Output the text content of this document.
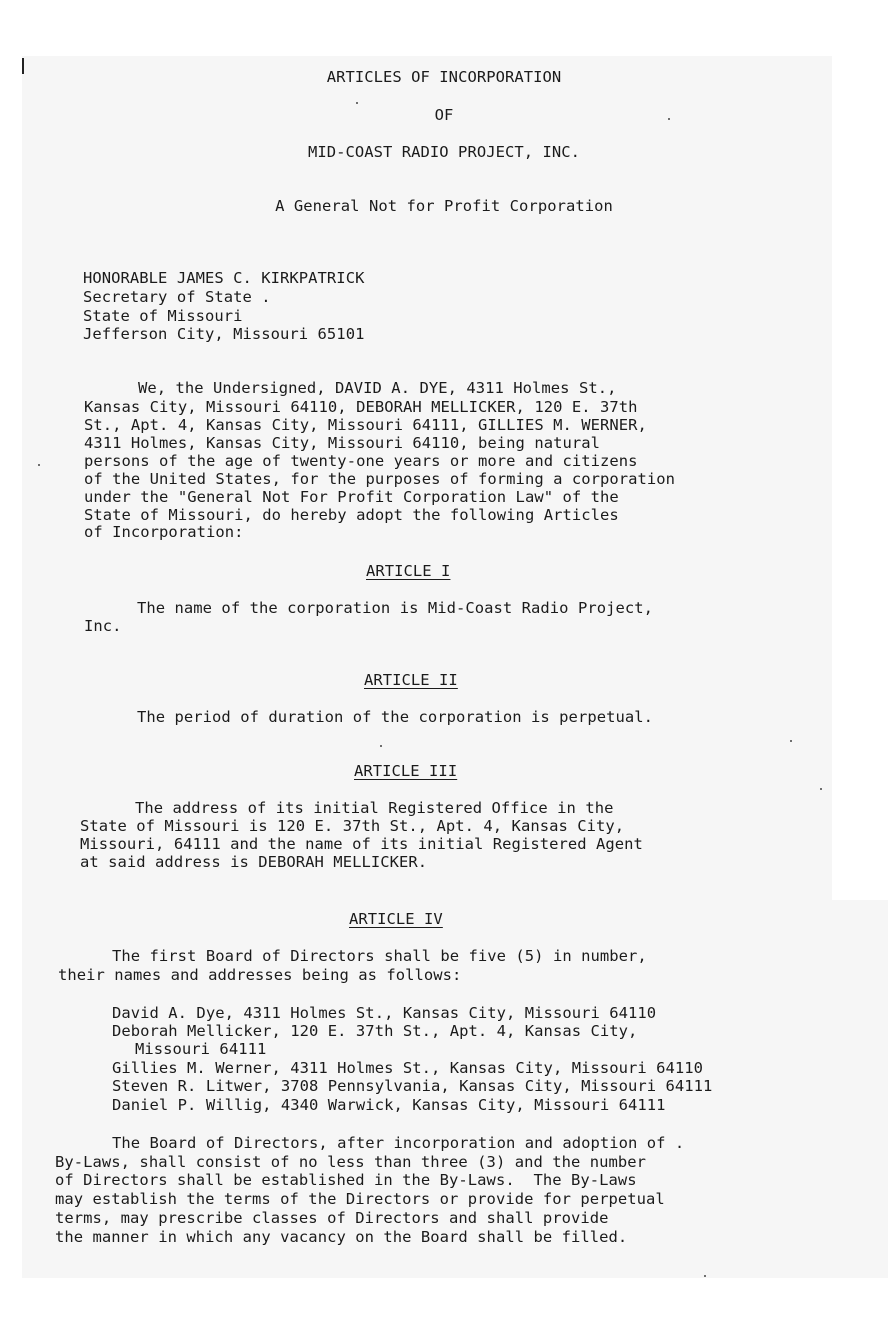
ARTICLES OF INCORPORATION
OF
MID-COAST RADIO PROJECT, INC.
A General Not for Profit Corporation
HONORABLE JAMES C. KIRKPATRICK
Secretary of State .
State of Missouri
Jefferson City, Missouri 65101
We, the Undersigned, DAVID A. DYE, 4311 Holmes St.,
Kansas City, Missouri 64110, DEBORAH MELLICKER, 120 E. 37th
St., Apt. 4, Kansas City, Missouri 64111, GILLIES M. WERNER,
4311 Holmes, Kansas City, Missouri 64110, being natural
persons of the age of twenty-one years or more and citizens
of the United States, for the purposes of forming a corporation
under the "General Not For Profit Corporation Law" of the
State of Missouri, do hereby adopt the following Articles
of Incorporation:
ARTICLE I
The name of the corporation is Mid-Coast Radio Project,
Inc.
ARTICLE II
The period of duration of the corporation is perpetual.
ARTICLE III
The address of its initial Registered Office in the
State of Missouri is 120 E. 37th St., Apt. 4, Kansas City,
Missouri, 64111 and the name of its initial Registered Agent
at said address is DEBORAH MELLICKER.
ARTICLE IV
The first Board of Directors shall be five (5) in number,
their names and addresses being as follows:
David A. Dye, 4311 Holmes St., Kansas City, Missouri 64110
Deborah Mellicker, 120 E. 37th St., Apt. 4, Kansas City,
Missouri 64111
Gillies M. Werner, 4311 Holmes St., Kansas City, Missouri 64110
Steven R. Litwer, 3708 Pennsylvania, Kansas City, Missouri 64111
Daniel P. Willig, 4340 Warwick, Kansas City, Missouri 64111
The Board of Directors, after incorporation and adoption of .
By-Laws, shall consist of no less than three (3) and the number
of Directors shall be established in the By-Laws.  The By-Laws
may establish the terms of the Directors or provide for perpetual
terms, may prescribe classes of Directors and shall provide
the manner in which any vacancy on the Board shall be filled.
